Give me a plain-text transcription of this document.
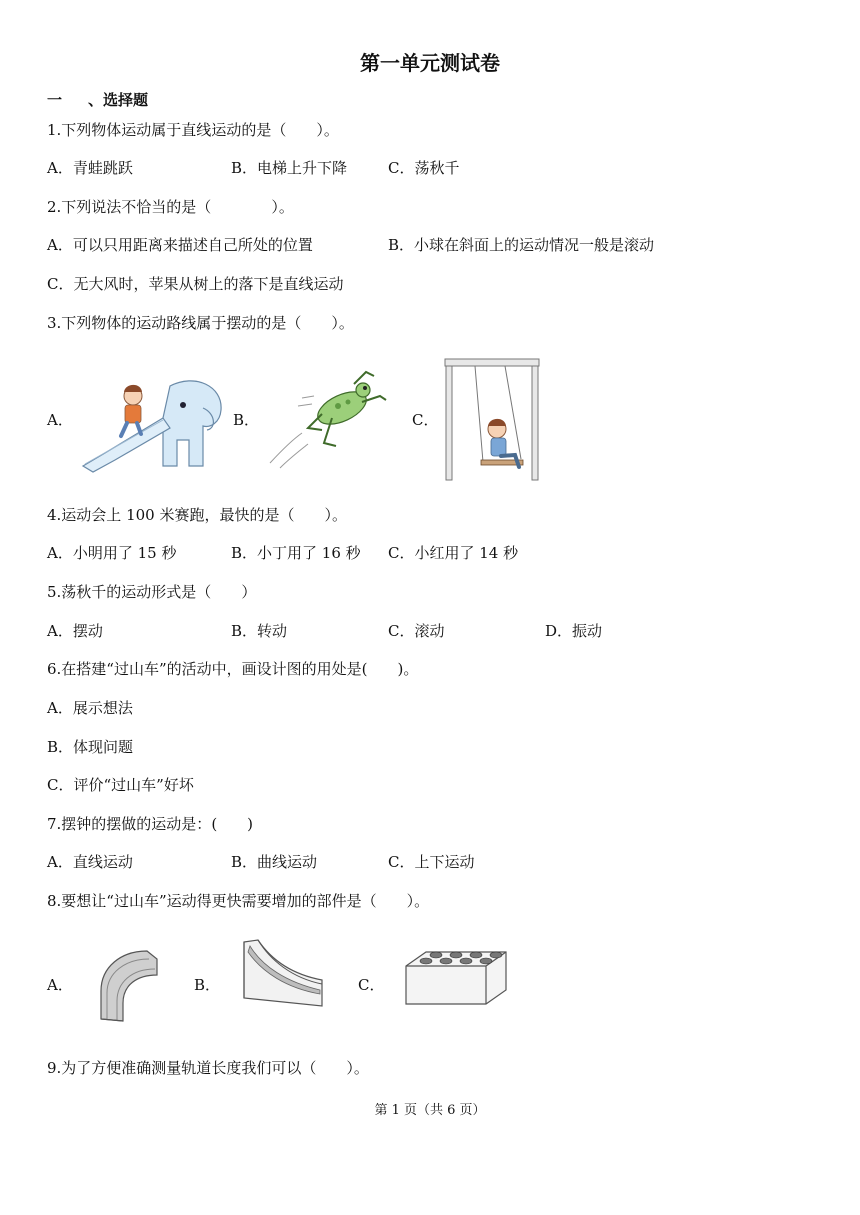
第一单元测试卷
一 、选择题
1.下列物体运动属于直线运动的是（　　）。
A．青蛙跳跃	B．电梯上升下降	C．荡秋千
2.下列说法不恰当的是（　　　　）。
A．可以只用距离来描述自己所处的位置	B．小球在斜面上的运动情况一般是滚动
C．无大风时，苹果从树上的落下是直线运动
3.下列物体的运动路线属于摆动的是（　　）。
A．	B．	C．
4.运动会上 100 米赛跑，最快的是（　　）。
A．小明用了 15 秒	B．小丁用了 16 秒 C．小红用了 14 秒
5.荡秋千的运动形式是（　　）
A．摆动	B．转动	C．滚动	D．振动
6.在搭建“过山车”的活动中，画设计图的用处是(　　)。
A．展示想法
B．体现问题
C．评价“过山车”好坏
7.摆钟的摆做的运动是：(　　)
A．直线运动	B．曲线运动	C．上下运动
8.要想让“过山车”运动得更快需要增加的部件是（　　）。
A．	B．	C．
9.为了方便准确测量轨道长度我们可以（　　）。
第 1 页（共 6 页）
